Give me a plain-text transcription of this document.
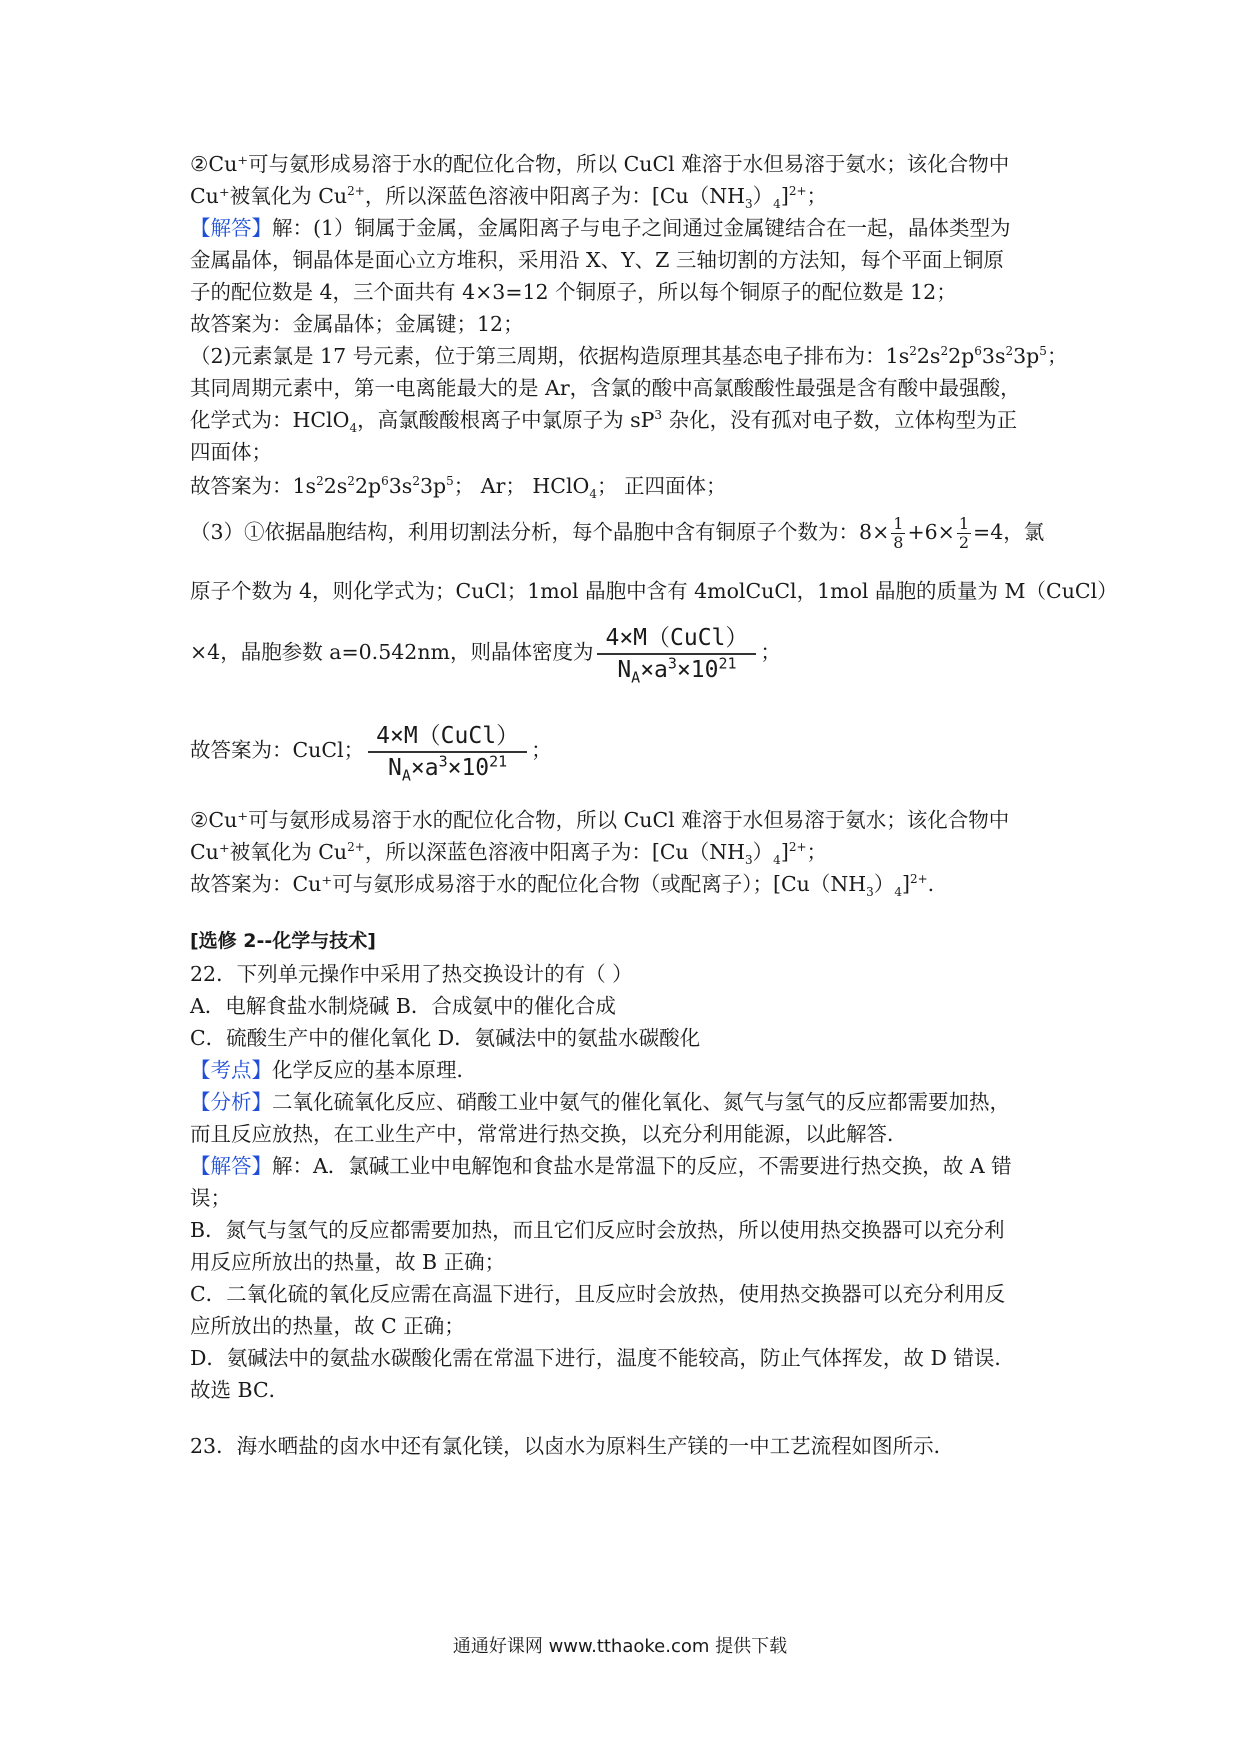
②Cu⁺可与氨形成易溶于水的配位化合物，所以 CuCl 难溶于水但易溶于氨水；该化合物中
Cu⁺被氧化为 $Cu^{2+}$，所以深蓝色溶液中阳离子为：$[Cu(NH_3)_4]^{2+}$；
【解答】解：(1）铜属于金属，金属阳离子与电子之间通过金属键结合在一起，晶体类型为
金属晶体，铜晶体是面心立方堆积，采用沿 X、Y、Z 三轴切割的方法知，每个平面上铜原
子的配位数是 4，三个面共有 4×3=12 个铜原子，所以每个铜原子的配位数是 12；
故答案为：金属晶体；金属键；12；
（2)元素氯是 17 号元素，位于第三周期，依据构造原理其基态电子排布为：$1s^22s^22p^63s^23p^5$；
其同周期元素中，第一电离能最大的是 Ar，含氯的酸中高氯酸酸性最强是含有酸中最强酸，
化学式为：HClO$_4$，高氯酸酸根离子中氯原子为 $sP^3$ 杂化，没有孤对电子数，立体构型为正
四面体；
故答案为：$1s^22s^22p^63s^23p^5$； Ar； HClO$_4$； 正四面体；
（3）①依据晶胞结构，利用切割法分析，每个晶胞中含有铜原子个数为：$8\times \frac{1}{8} +6\times \frac{1}{2} =4$，氯
原子个数为 4，则化学式为；CuCl；1mol 晶胞中含有 4molCuCl，1mol 晶胞的质量为 M（CuCl）
×4，晶胞参数 a=0.542nm，则晶体密度为 $\frac{\text{4×M（CuCl）}}{N_A\times a^3\times 10^{21}}$ ；
故答案为：CuCl； $\frac{\text{4×M（CuCl）}}{N_A\times a^3\times 10^{21}}$ ；
②Cu⁺可与氨形成易溶于水的配位化合物，所以 CuCl 难溶于水但易溶于氨水；该化合物中
Cu⁺被氧化为 $Cu^{2+}$，所以深蓝色溶液中阳离子为：$[Cu(NH_3)_4]^{2+}$；
故答案为：Cu⁺可与氨形成易溶于水的配位化合物（或配离子）；$[Cu(NH_3)_4]^{2+}$.
[选修 2--化学与技术]
22．下列单元操作中采用了热交换设计的有（ ）
A．电解食盐水制烧碱 B．合成氨中的催化合成
C．硫酸生产中的催化氧化 D．氨碱法中的氨盐水碳酸化
【考点】化学反应的基本原理．
【分析】二氧化硫氧化反应、硝酸工业中氨气的催化氧化、氮气与氢气的反应都需要加热，
而且反应放热，在工业生产中，常常进行热交换，以充分利用能源，以此解答．
【解答】解：A．氯碱工业中电解饱和食盐水是常温下的反应，不需要进行热交换，故 A 错
误；
B．氮气与氢气的反应都需要加热，而且它们反应时会放热，所以使用热交换器可以充分利
用反应所放出的热量，故 B 正确；
C．二氧化硫的氧化反应需在高温下进行，且反应时会放热，使用热交换器可以充分利用反
应所放出的热量，故 C 正确；
D．氨碱法中的氨盐水碳酸化需在常温下进行，温度不能较高，防止气体挥发，故 D 错误．
故选 BC．
23．海水晒盐的卤水中还有氯化镁，以卤水为原料生产镁的一中工艺流程如图所示．
通通好课网 www.tthaoke.com 提供下载
